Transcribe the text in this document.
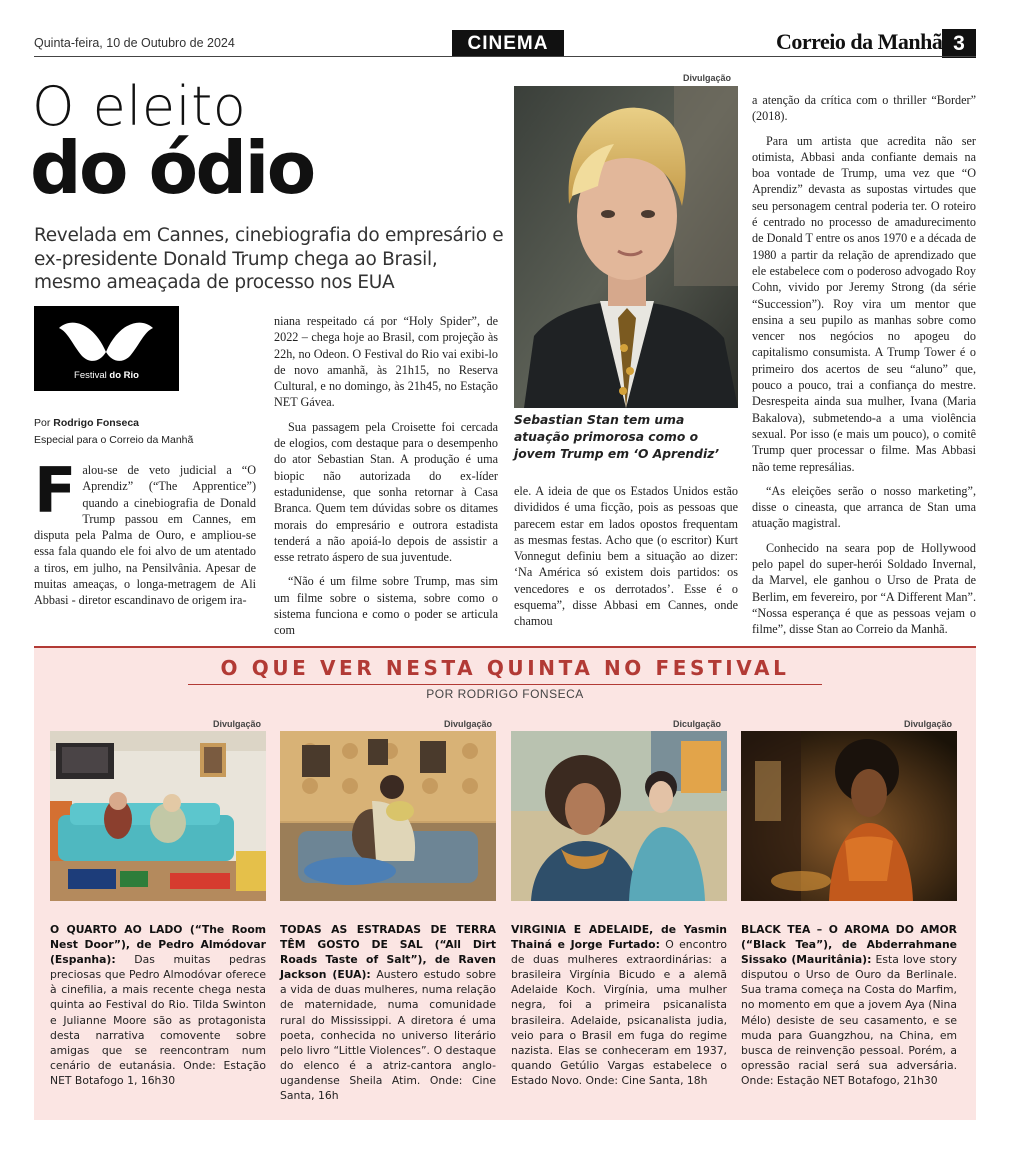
Quinta-feira, 10 de Outubro de 2024	CINEMA	Correio da Manhã 3
O eleito
do ódio
Revelada em Cannes, cinebiografia do empresário e ex-presidente Donald Trump chega ao Brasil, mesmo ameaçada de processo nos EUA
Festival do Rio
Por Rodrigo Fonseca
Especial para o Correio da Manhã
F alou-se de veto judicial a “O Aprendiz” (“The Apprentice”) quando a cinebiografia de Donald Trump passou em Cannes, em disputa pela Palma de Ouro, e ampliou-se essa fala quando ele foi alvo de um atentado a tiros, em julho, na Pensilvânia. Apesar de muitas ameaças, o longa-metragem de Ali Abbasi - diretor escandinavo de origem ira-

niana respeitado cá por “Holy Spider”, de 2022 – chega hoje ao Brasil, com projeção às 22h, no Odeon. O Festival do Rio vai exibi-lo de novo amanhã, às 21h15, no Reserva Cultural, e no domingo, às 21h45, no Estação NET Gávea.

Sua passagem pela Croisette foi cercada de elogios, com destaque para o desempenho do ator Sebastian Stan. A produção é uma biopic não autorizada do ex-líder estadunidense, que sonha retornar à Casa Branca. Quem tem dúvidas sobre os ditames morais do empresário e outrora estadista tenderá a não apoiá-lo depois de assistir a esse retrato áspero de sua juventude.

“Não é um filme sobre Trump, mas sim um filme sobre o sistema, sobre como o sistema funciona e como o poder se articula com

Divulgação
Sebastian Stan tem uma atuação primorosa como o jovem Trump em ‘O Aprendiz’

ele. A ideia de que os Estados Unidos estão divididos é uma ficção, pois as pessoas que parecem estar em lados opostos frequentam as mesmas festas. Acho que (o escritor) Kurt Vonnegut definiu bem a situação ao dizer: ‘Na América só existem dois partidos: os vencedores e os derrotados’. Esse é o esquema”, disse Abbasi em Cannes, onde chamou

a atenção da crítica com o thriller “Border” (2018).

Para um artista que acredita não ser otimista, Abbasi anda confiante demais na boa vontade de Trump, uma vez que “O Aprendiz” devasta as supostas virtudes que seu personagem central poderia ter. O roteiro é centrado no processo de amadurecimento de Donald T entre os anos 1970 e a década de 1980 a partir da relação de aprendizado que ele estabelece com o poderoso advogado Roy Cohn, vivido por Jeremy Strong (da série “Succession”). Roy vira um mentor que ensina a seu pupilo as manhas sobre como vencer nos negócios no apogeu do capitalismo consumista. A Trump Tower é o primeiro dos acertos de seu “aluno” que, pouco a pouco, trai a confiança do mestre. Desrespeita ainda sua mulher, Ivana (Maria Bakalova), submetendo-a a uma violência sexual. Por isso (e mais um pouco), o comitê Trump quer processar o filme. Mas Abbasi não teme represálias.

“As eleições serão o nosso marketing”, disse o cineasta, que arranca de Stan uma atuação magistral.

Conhecido na seara pop de Hollywood pelo papel do super-herói Soldado Invernal, da Marvel, ele ganhou o Urso de Prata de Berlim, em fevereiro, por “A Different Man”. “Nossa esperança é que as pessoas vejam o filme”, disse Stan ao Correio da Manhã.

O QUE VER NESTA QUINTA NO FESTIVAL
POR RODRIGO FONSECA
Divulgação
O QUARTO AO LADO (“The Room Nest Door”), de Pedro Almódovar (Espanha): Das muitas pedras preciosas que Pedro Almodóvar oferece à cinefilia, a mais recente chega nesta quinta ao Festival do Rio. Tilda Swinton e Julianne Moore são as protagonista desta narrativa comovente sobre amigas que se reencontram num cenário de eutanásia. Onde: Estação NET Botafogo 1, 16h30
Divulgação
TODAS AS ESTRADAS DE TERRA TÊM GOSTO DE SAL (“All Dirt Roads Taste of Salt”), de Raven Jackson (EUA): Austero estudo sobre a vida de duas mulheres, numa relação de maternidade, numa comunidade rural do Mississippi. A diretora é uma poeta, conhecida no universo literário pelo livro “Little Violences”. O destaque do elenco é a atriz-cantora anglo-ugandense Sheila Atim. Onde: Cine Santa, 16h
Diculgação
VIRGINIA E ADELAIDE, de Yasmin Thainá e Jorge Furtado: O encontro de duas mulheres extraordinárias: a brasileira Virgínia Bicudo e a alemã Adelaide Koch. Virgínia, uma mulher negra, foi a primeira psicanalista brasileira. Adelaide, psicanalista judia, veio para o Brasil em fuga do regime nazista. Elas se conheceram em 1937, quando Getúlio Vargas estabelece o Estado Novo. Onde: Cine Santa, 18h
Divulgação
BLACK TEA – O AROMA DO AMOR (“Black Tea”), de Abderrahmane Sissako (Mauritânia): Esta love story disputou o Urso de Ouro da Berlinale. Sua trama começa na Costa do Marfim, no momento em que a jovem Aya (Nina Mélo) desiste de seu casamento, e se muda para Guangzhou, na China, em busca de reinvenção pessoal. Porém, a opressão racial será sua adversária. Onde: Estação NET Botafogo, 21h30
